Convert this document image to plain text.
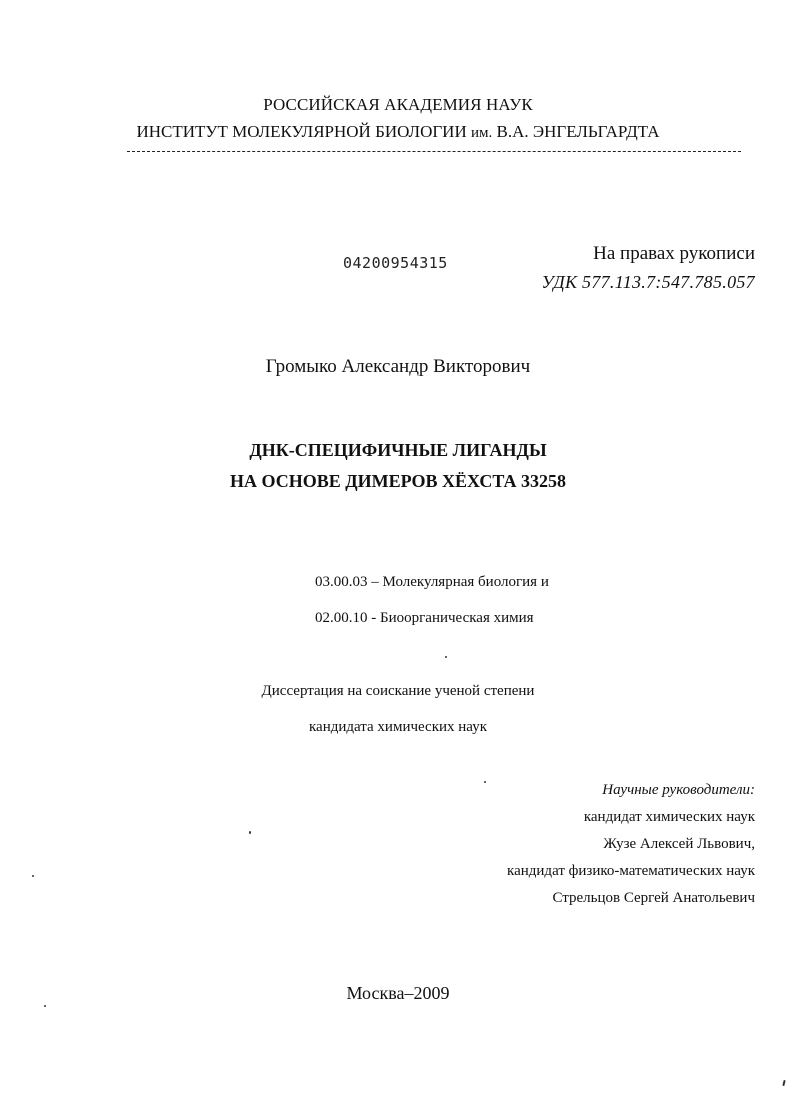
РОССИЙСКАЯ АКАДЕМИЯ НАУК
ИНСТИТУТ МОЛЕКУЛЯРНОЙ БИОЛОГИИ им. В.А. ЭНГЕЛЬГАРДТА
04200954315	На правах рукописи
УДК 577.113.7:547.785.057
Громыко Александр Викторович
ДНК-СПЕЦИФИЧНЫЕ ЛИГАНДЫ
НА ОСНОВЕ ДИМЕРОВ ХЁХСТА 33258
03.00.03 – Молекулярная биология и
02.00.10 - Биоорганическая химия
Диссертация на соискание ученой степени
кандидата химических наук
Научные руководители:
кандидат химических наук
Жузе Алексей Львович,
кандидат физико-математических наук
Стрельцов Сергей Анатольевич
Москва–2009
